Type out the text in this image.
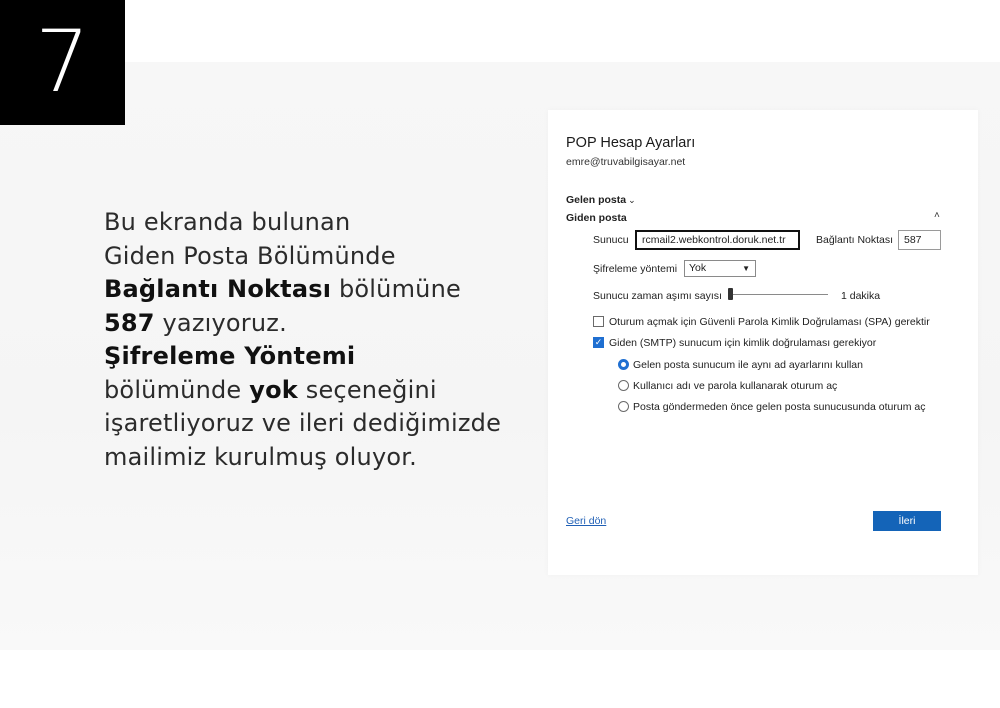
7
Bu ekranda bulunan
Giden Posta Bölümünde
Bağlantı Noktası bölümüne
587 yazıyoruz.
Şifreleme Yöntemi
bölümünde yok seçeneğini
işaretliyoruz ve ileri dediğimizde
mailimiz kurulmuş oluyor.
POP Hesap Ayarları
emre@truvabilgisayar.net
Gelen posta ⌄
Giden posta	˄
Sunucu	rcmail2.webkontrol.doruk.net.tr	Bağlantı Noktası	587
Şifreleme yöntemi	Yok	▼
Sunucu zaman aşımı sayısı	1 dakika
Oturum açmak için Güvenli Parola Kimlik Doğrulaması (SPA) gerektir
✓ Giden (SMTP) sunucum için kimlik doğrulaması gerekiyor
Gelen posta sunucum ile aynı ad ayarlarını kullan
Kullanıcı adı ve parola kullanarak oturum aç
Posta göndermeden önce gelen posta sunucusunda oturum aç
Geri dön	İleri
